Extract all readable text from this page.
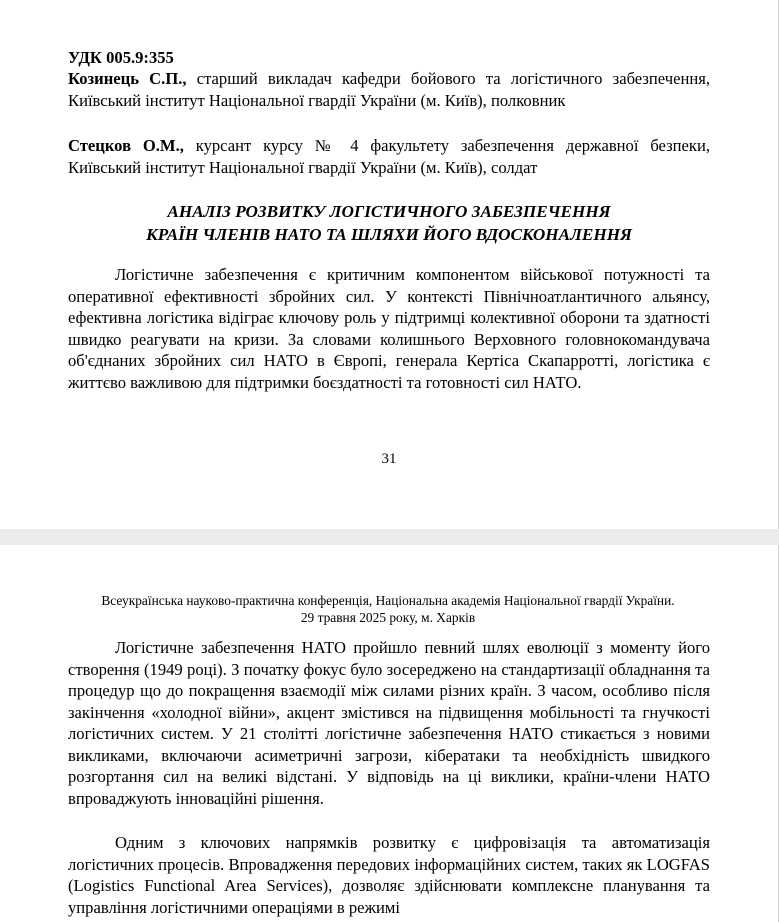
УДК 005.9:355
Козинець С.П., старший викладач кафедри бойового та логістичного забезпечення, Київський інститут Національної гвардії України (м. Київ), полковник
Стецков О.М., курсант курсу № 4 факультету забезпечення державної безпеки, Київський інститут Національної гвардії України (м. Київ), солдат
АНАЛІЗ РОЗВИТКУ ЛОГІСТИЧНОГО ЗАБЕЗПЕЧЕННЯ
КРАЇН ЧЛЕНІВ НАТО ТА ШЛЯХИ ЙОГО ВДОСКОНАЛЕННЯ
Логістичне забезпечення є критичним компонентом військової потужності та оперативної ефективності збройних сил. У контексті Північноатлантичного альянсу, ефективна логістика відіграє ключову роль у підтримці колективної оборони та здатності швидко реагувати на кризи. За словами колишнього Верховного головнокомандувача об'єднаних збройних сил НАТО в Європі, генерала Кертіса Скапарротті, логістика є життєво важливою для підтримки боєздатності та готовності сил НАТО.
31
Всеукраїнська науково-практична конференція, Національна академія Національної гвардії України.
29 травня 2025 року, м. Харків
Логістичне забезпечення НАТО пройшло певний шлях еволюції з моменту його створення (1949 році). З початку фокус було зосереджено на стандартизації обладнання та процедур що до покращення взаємодії між силами різних країн. З часом, особливо після закінчення «холодної війни», акцент змістився на підвищення мобільності та гнучкості логістичних систем. У 21 столітті логістичне забезпечення НАТО стикається з новими викликами, включаючи асиметричні загрози, кібератаки та необхідність швидкого розгортання сил на великі відстані. У відповідь на ці виклики, країни-члени НАТО впроваджують інноваційні рішення.
Одним з ключових напрямків розвитку є цифровізація та автоматизація логістичних процесів. Впровадження передових інформаційних систем, таких як LOGFAS (Logistics Functional Area Services), дозволяє здійснювати комплексне планування та управління логістичними операціями в режимі
